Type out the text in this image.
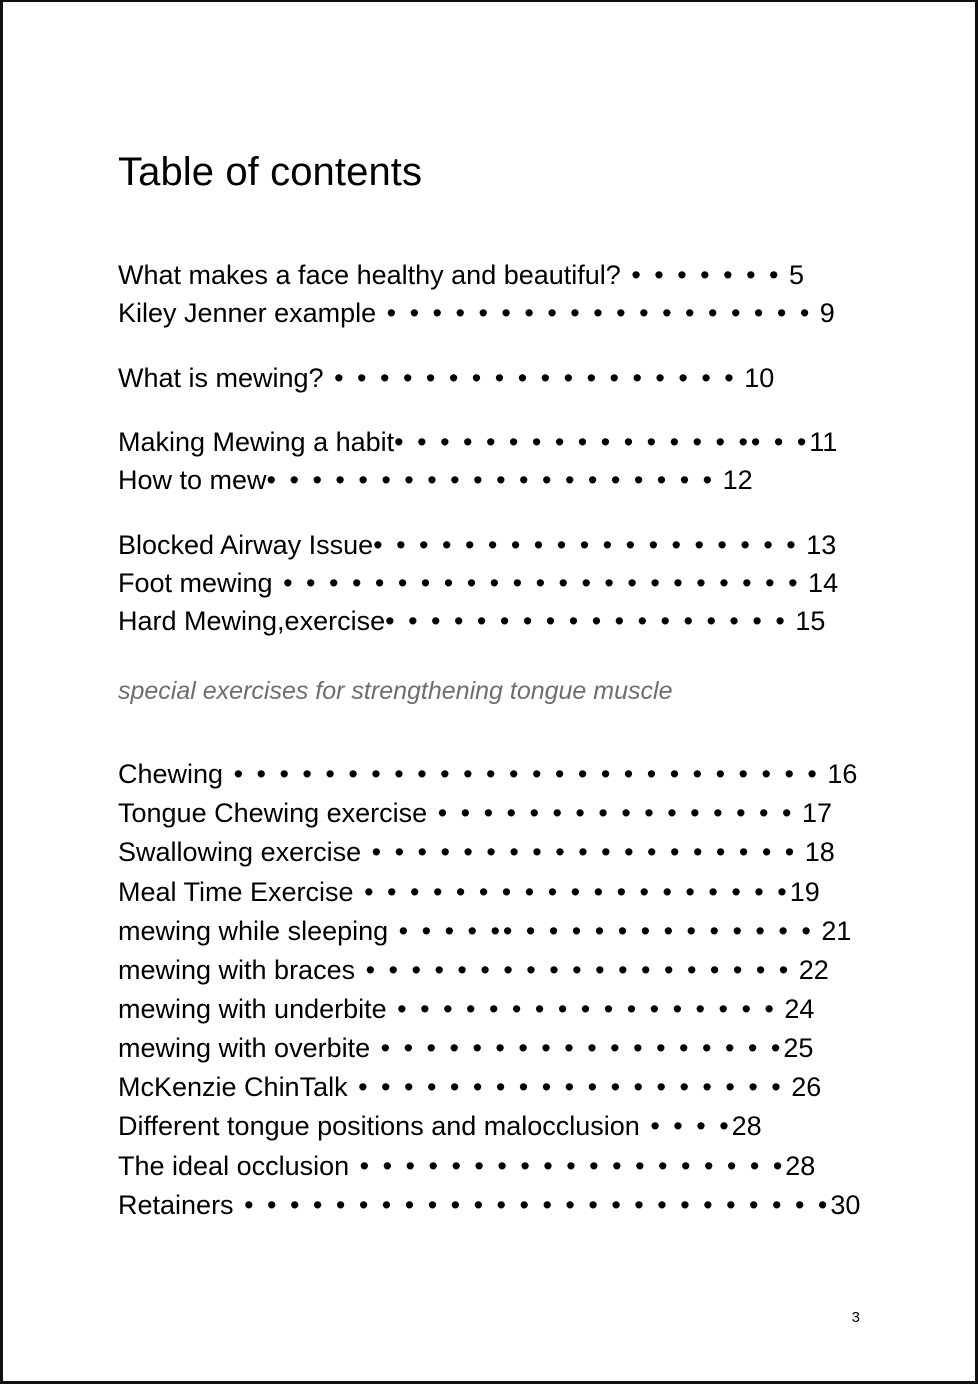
Table of contents
What makes a face healthy and beautiful? • • • • • • • 5
Kiley Jenner example • • • • • • • • • • • • • • • • • • • 9
What is mewing? • • • • • • • • • • • • • • • • • • 10
Making Mewing a habit• • • • • • • • • • • • • • • •• • •11
How to mew• • • • • • • • • • • • • • • • • • • • 12
Blocked Airway Issue• • • • • • • • • • • • • • • • • • • 13
Foot mewing • • • • • • • • • • • • • • • • • • • • • • • 14
Hard Mewing,exercise• • • • • • • • • • • • • • • • • • 15
special exercises for strengthening tongue muscle
Chewing • • • • • • • • • • • • • • • • • • • • • • • • • • 16
Tongue Chewing exercise • • • • • • • • • • • • • • • • 17
Swallowing exercise • • • • • • • • • • • • • • • • • • • 18
Meal Time Exercise • • • • • • • • • • • • • • • • • • •19
mewing while sleeping • • • • •• • • • • • • • • • • • • • 21
mewing with braces • • • • • • • • • • • • • • • • • • • 22
mewing with underbite • • • • • • • • • • • • • • • • • 24
mewing with overbite • • • • • • • • • • • • • • • • • •25
McKenzie ChinTalk • • • • • • • • • • • • • • • • • • • 26
Different tongue positions and malocclusion • • • •28
The ideal occlusion • • • • • • • • • • • • • • • • • • •28
Retainers • • • • • • • • • • • • • • • • • • • • • • • • • •30
3
